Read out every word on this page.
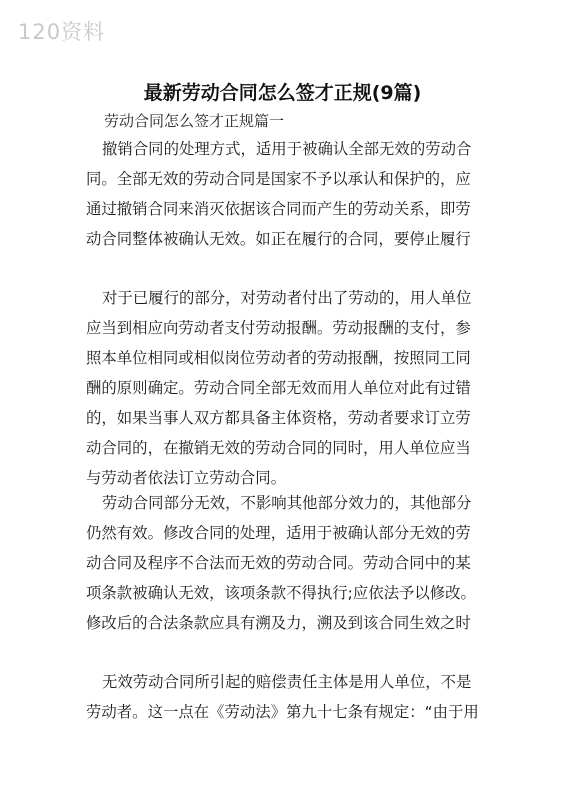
120资料
最新劳动合同怎么签才正规(9篇)
劳动合同怎么签才正规篇一
撤销合同的处理方式，适用于被确认全部无效的劳动合
同。全部无效的劳动合同是国家不予以承认和保护的，应
通过撤销合同来消灭依据该合同而产生的劳动关系，即劳
动合同整体被确认无效。如正在履行的合同，要停止履行
对于已履行的部分，对劳动者付出了劳动的，用人单位
应当到相应向劳动者支付劳动报酬。劳动报酬的支付，参
照本单位相同或相似岗位劳动者的劳动报酬，按照同工同
酬的原则确定。劳动合同全部无效而用人单位对此有过错
的，如果当事人双方都具备主体资格，劳动者要求订立劳
动合同的，在撤销无效的劳动合同的同时，用人单位应当
与劳动者依法订立劳动合同。
劳动合同部分无效，不影响其他部分效力的，其他部分
仍然有效。修改合同的处理，适用于被确认部分无效的劳
动合同及程序不合法而无效的劳动合同。劳动合同中的某
项条款被确认无效，该项条款不得执行;应依法予以修改。
修改后的合法条款应具有溯及力，溯及到该合同生效之时
无效劳动合同所引起的赔偿责任主体是用人单位，不是
劳动者。这一点在《劳动法》第九十七条有规定：“由于用
